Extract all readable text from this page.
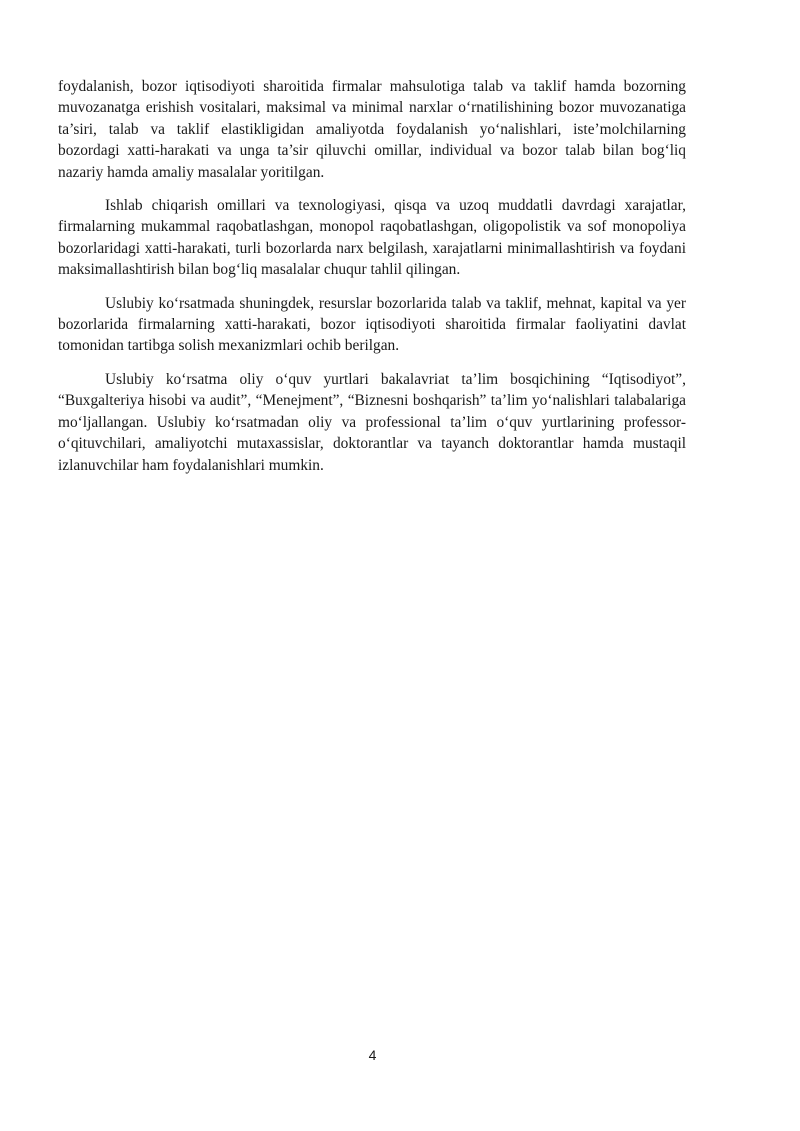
foydalanish, bozor iqtisodiyoti sharoitida firmalar mahsulotiga talab va taklif hamda bozorning muvozanatga erishish vositalari, maksimal va minimal narxlar o‘rnatilishining bozor muvozanatiga ta’siri, talab va taklif elastikligidan amaliyotda foydalanish yo‘nalishlari, iste’molchilarning bozordagi xatti-harakati va unga ta’sir qiluvchi omillar, individual va bozor talab bilan bog‘liq nazariy hamda amaliy masalalar yoritilgan.

Ishlab chiqarish omillari va texnologiyasi, qisqa va uzoq muddatli davrdagi xarajatlar, firmalarning mukammal raqobatlashgan, monopol raqobatlashgan, oligopolistik va sof monopoliya bozorlaridagi xatti-harakati, turli bozorlarda narx belgilash, xarajatlarni minimallashtirish va foydani maksimallashtirish bilan bog‘liq masalalar chuqur tahlil qilingan.

Uslubiy ko‘rsatmada shuningdek, resurslar bozorlarida talab va taklif, mehnat, kapital va yer bozorlarida firmalarning xatti-harakati, bozor iqtisodiyoti sharoitida firmalar faoliyatini davlat tomonidan tartibga solish mexanizmlari ochib berilgan.

Uslubiy ko‘rsatma oliy o‘quv yurtlari bakalavriat ta’lim bosqichining “Iqtisodiyot”, “Buxgalteriya hisobi va audit”, “Menejment”, “Biznesni boshqarish” ta’lim yo‘nalishlari talabalariga mo‘ljallangan. Uslubiy ko‘rsatmadan oliy va professional ta’lim o‘quv yurtlarining professor-o‘qituvchilari, amaliyotchi mutaxassislar, doktorantlar va tayanch doktorantlar hamda mustaqil izlanuvchilar ham foydalanishlari mumkin.

4
